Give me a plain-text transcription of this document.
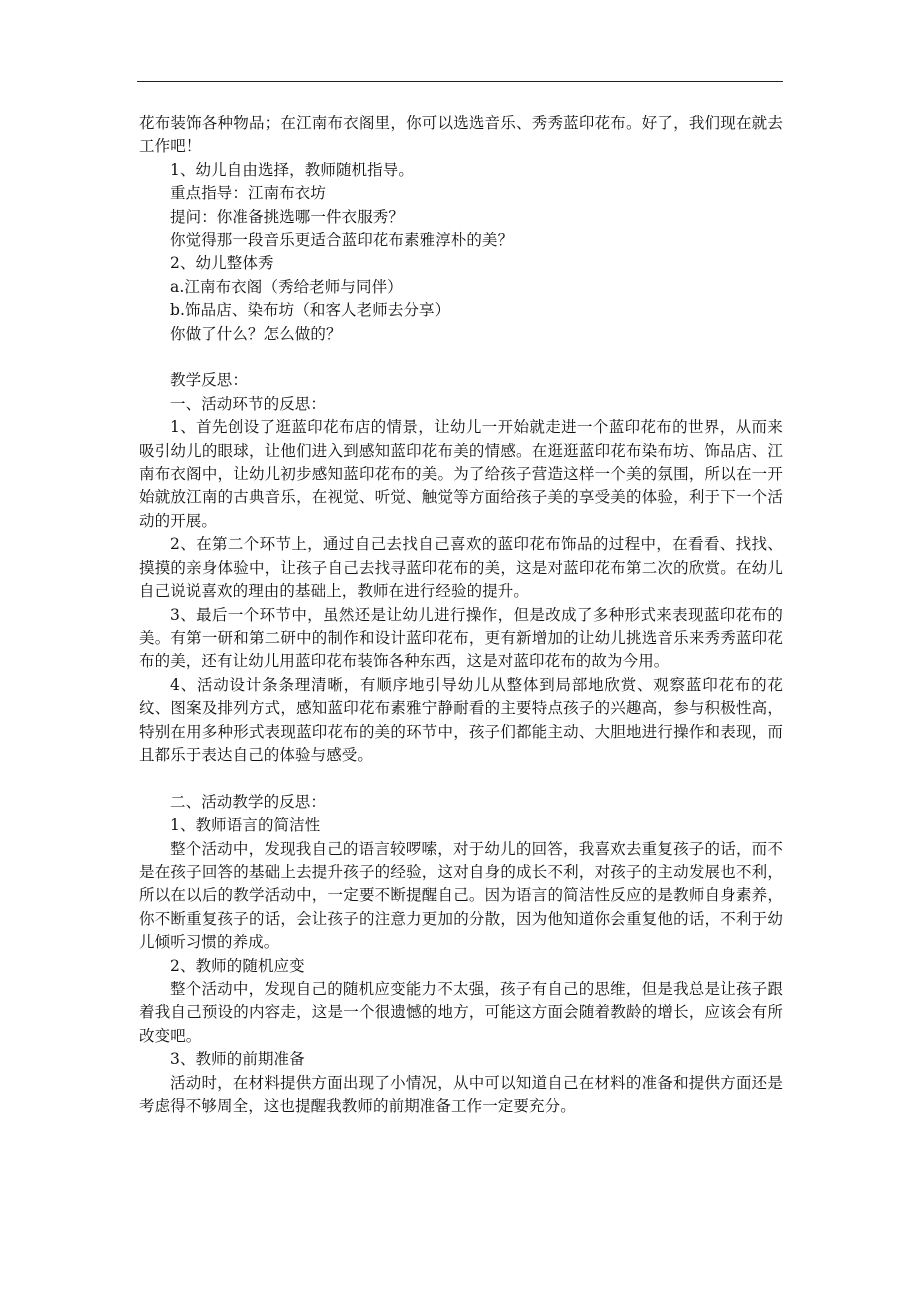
花布装饰各种物品；在江南布衣阁里，你可以选选音乐、秀秀蓝印花布。好了，我们现在就去工作吧！

1、幼儿自由选择，教师随机指导。

重点指导：江南布衣坊

提问：你准备挑选哪一件衣服秀？

你觉得那一段音乐更适合蓝印花布素雅淳朴的美？

2、幼儿整体秀

a.江南布衣阁（秀给老师与同伴）

b.饰品店、染布坊（和客人老师去分享）

你做了什么？怎么做的？

教学反思：

一、活动环节的反思：

1、首先创设了逛蓝印花布店的情景，让幼儿一开始就走进一个蓝印花布的世界，从而来吸引幼儿的眼球，让他们进入到感知蓝印花布美的情感。在逛逛蓝印花布染布坊、饰品店、江南布衣阁中，让幼儿初步感知蓝印花布的美。为了给孩子营造这样一个美的氛围，所以在一开始就放江南的古典音乐，在视觉、听觉、触觉等方面给孩子美的享受美的体验，利于下一个活动的开展。

2、在第二个环节上，通过自己去找自己喜欢的蓝印花布饰品的过程中，在看看、找找、摸摸的亲身体验中，让孩子自己去找寻蓝印花布的美，这是对蓝印花布第二次的欣赏。在幼儿自己说说喜欢的理由的基础上，教师在进行经验的提升。

3、最后一个环节中，虽然还是让幼儿进行操作，但是改成了多种形式来表现蓝印花布的美。有第一研和第二研中的制作和设计蓝印花布，更有新增加的让幼儿挑选音乐来秀秀蓝印花布的美，还有让幼儿用蓝印花布装饰各种东西，这是对蓝印花布的故为今用。

4、活动设计条条理清晰，有顺序地引导幼儿从整体到局部地欣赏、观察蓝印花布的花纹、图案及排列方式，感知蓝印花布素雅宁静耐看的主要特点孩子的兴趣高，参与积极性高，特别在用多种形式表现蓝印花布的美的环节中，孩子们都能主动、大胆地进行操作和表现，而且都乐于表达自己的体验与感受。

二、活动教学的反思：

1、教师语言的简洁性

整个活动中，发现我自己的语言较啰嗦，对于幼儿的回答，我喜欢去重复孩子的话，而不是在孩子回答的基础上去提升孩子的经验，这对自身的成长不利，对孩子的主动发展也不利，所以在以后的教学活动中，一定要不断提醒自己。因为语言的简洁性反应的是教师自身素养，你不断重复孩子的话，会让孩子的注意力更加的分散，因为他知道你会重复他的话，不利于幼儿倾听习惯的养成。

2、教师的随机应变

整个活动中，发现自己的随机应变能力不太强，孩子有自己的思维，但是我总是让孩子跟着我自己预设的内容走，这是一个很遗憾的地方，可能这方面会随着教龄的增长，应该会有所改变吧。

3、教师的前期准备

活动时，在材料提供方面出现了小情况，从中可以知道自己在材料的准备和提供方面还是考虑得不够周全，这也提醒我教师的前期准备工作一定要充分。
